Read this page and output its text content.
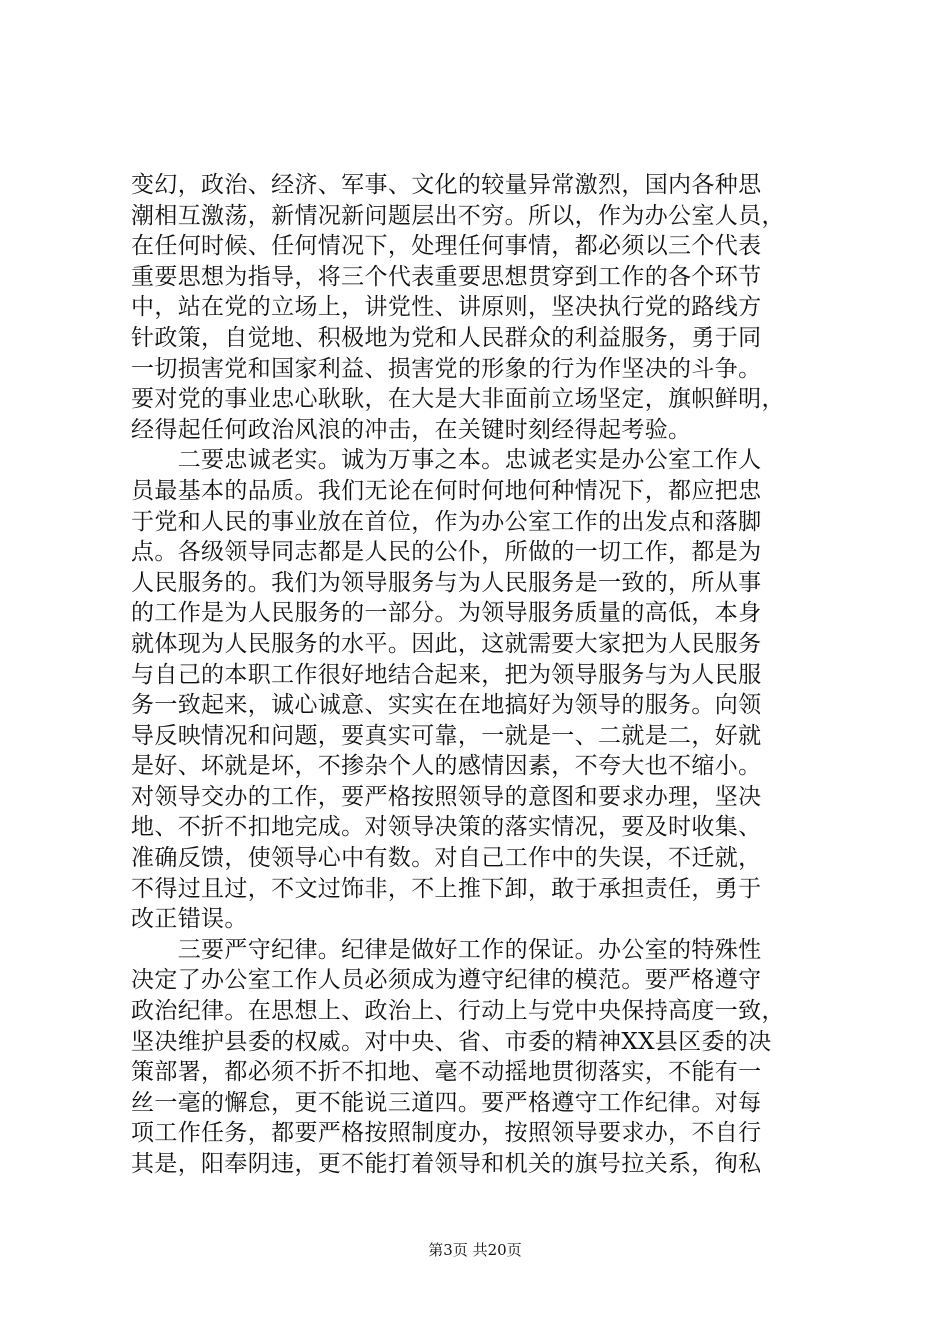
变幻，政治、经济、军事、文化的较量异常激烈，国内各种思
潮相互激荡，新情况新问题层出不穷。所以，作为办公室人员，
在任何时候、任何情况下，处理任何事情，都必须以三个代表
重要思想为指导，将三个代表重要思想贯穿到工作的各个环节
中，站在党的立场上，讲党性、讲原则，坚决执行党的路线方
针政策，自觉地、积极地为党和人民群众的利益服务，勇于同
一切损害党和国家利益、损害党的形象的行为作坚决的斗争。
要对党的事业忠心耿耿，在大是大非面前立场坚定，旗帜鲜明，
经得起任何政治风浪的冲击，在关键时刻经得起考验。
　　二要忠诚老实。诚为万事之本。忠诚老实是办公室工作人
员最基本的品质。我们无论在何时何地何种情况下，都应把忠
于党和人民的事业放在首位，作为办公室工作的出发点和落脚
点。各级领导同志都是人民的公仆，所做的一切工作，都是为
人民服务的。我们为领导服务与为人民服务是一致的，所从事
的工作是为人民服务的一部分。为领导服务质量的高低，本身
就体现为人民服务的水平。因此，这就需要大家把为人民服务
与自己的本职工作很好地结合起来，把为领导服务与为人民服
务一致起来，诚心诚意、实实在在地搞好为领导的服务。向领
导反映情况和问题，要真实可靠，一就是一、二就是二，好就
是好、坏就是坏，不掺杂个人的感情因素，不夸大也不缩小。
对领导交办的工作，要严格按照领导的意图和要求办理，坚决
地、不折不扣地完成。对领导决策的落实情况，要及时收集、
准确反馈，使领导心中有数。对自己工作中的失误，不迁就，
不得过且过，不文过饰非，不上推下卸，敢于承担责任，勇于
改正错误。
　　三要严守纪律。纪律是做好工作的保证。办公室的特殊性
决定了办公室工作人员必须成为遵守纪律的模范。要严格遵守
政治纪律。在思想上、政治上、行动上与党中央保持高度一致，
坚决维护县委的权威。对中央、省、市委的精神XX县区委的决
策部署，都必须不折不扣地、毫不动摇地贯彻落实，不能有一
丝一毫的懈怠，更不能说三道四。要严格遵守工作纪律。对每
项工作任务，都要严格按照制度办，按照领导要求办，不自行
其是，阳奉阴违，更不能打着领导和机关的旗号拉关系，徇私
第3页 共20页
